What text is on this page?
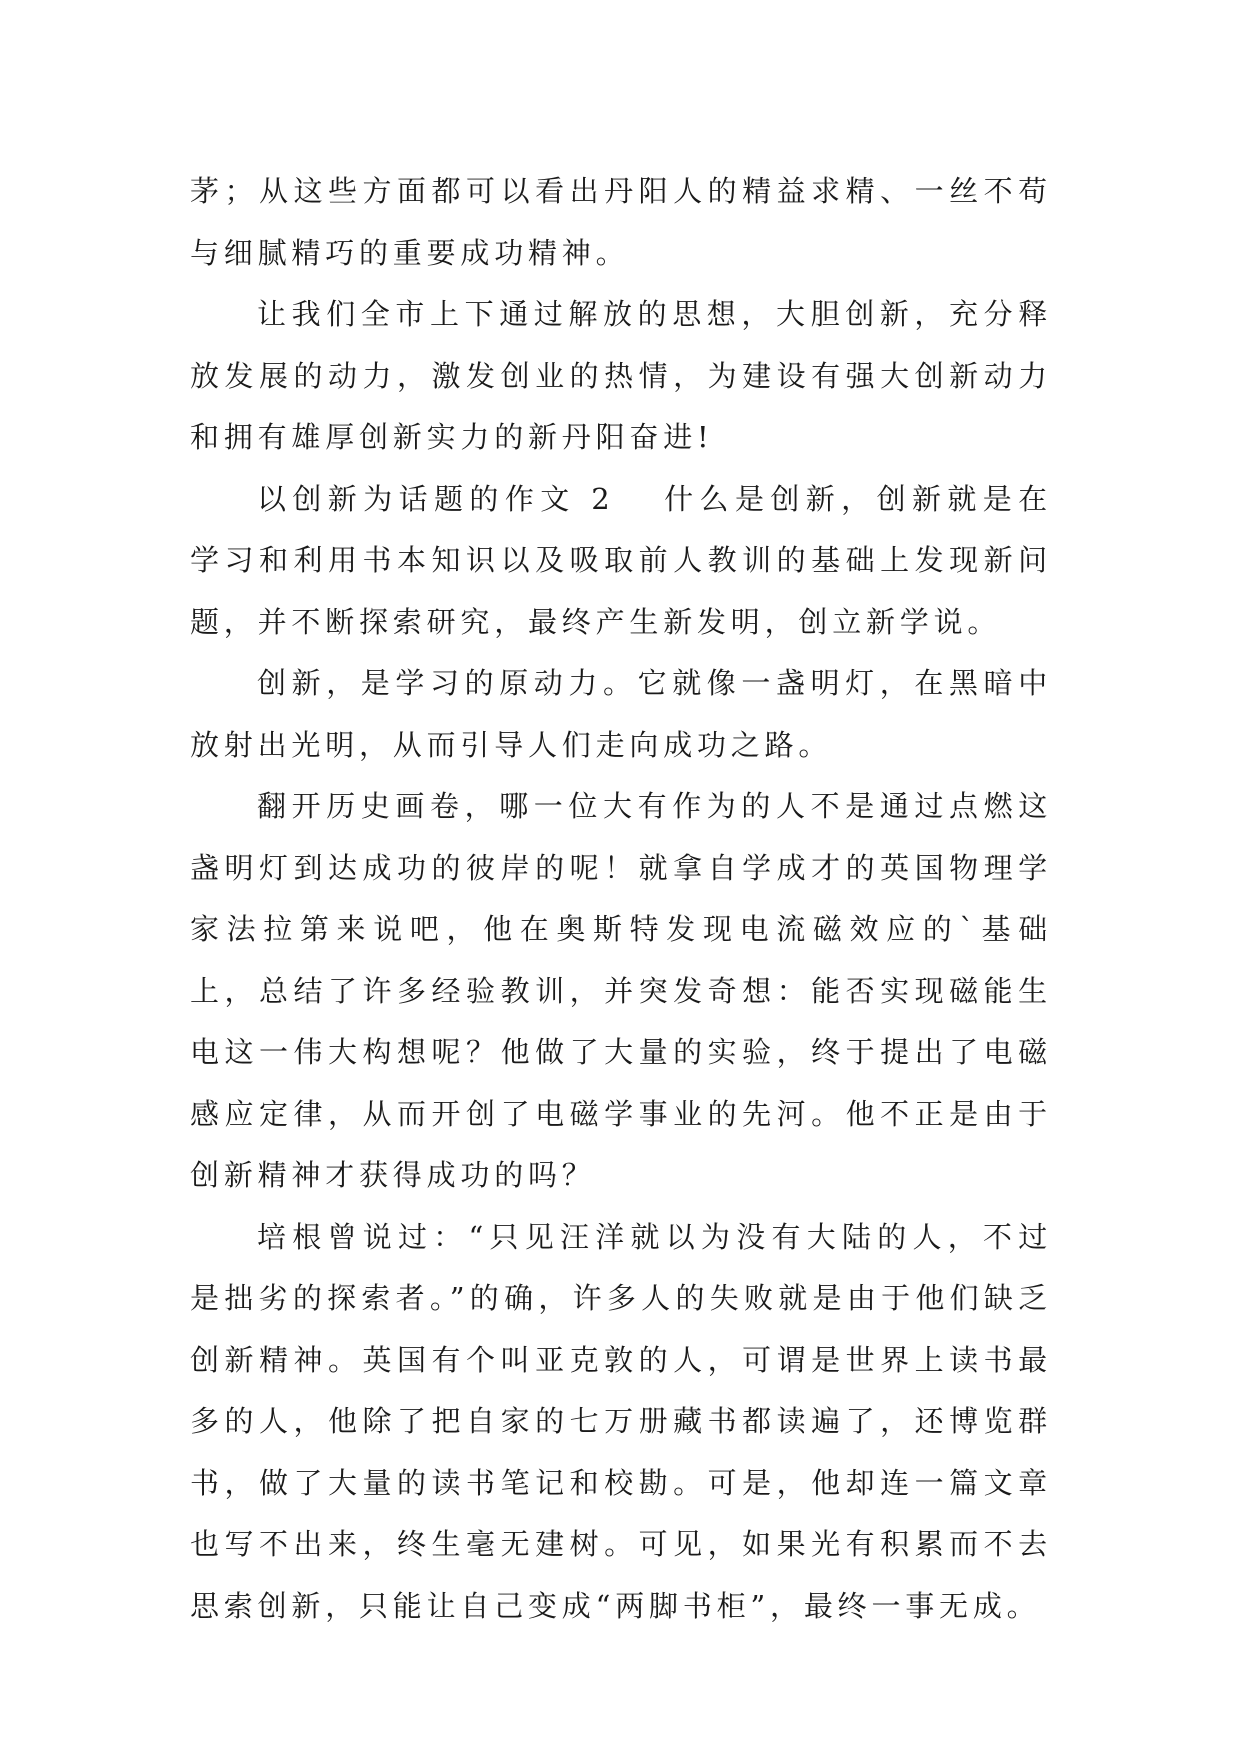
茅；从这些方面都可以看出丹阳人的精益求精、一丝不苟与细腻精巧的重要成功精神。

让我们全市上下通过解放的思想，大胆创新，充分释放发展的动力，激发创业的热情，为建设有强大创新动力和拥有雄厚创新实力的新丹阳奋进!

以创新为话题的作文 2 什么是创新，创新就是在学习和利用书本知识以及吸取前人教训的基础上发现新问题，并不断探索研究，最终产生新发明，创立新学说。

创新，是学习的原动力。它就像一盏明灯，在黑暗中放射出光明，从而引导人们走向成功之路。

翻开历史画卷，哪一位大有作为的人不是通过点燃这盏明灯到达成功的彼岸的呢！就拿自学成才的英国物理学家法拉第来说吧，他在奥斯特发现电流磁效应的`基础上，总结了许多经验教训，并突发奇想：能否实现磁能生电这一伟大构想呢？他做了大量的实验，终于提出了电磁感应定律，从而开创了电磁学事业的先河。他不正是由于创新精神才获得成功的吗？

培根曾说过：“只见汪洋就以为没有大陆的人，不过是拙劣的探索者。”的确，许多人的失败就是由于他们缺乏创新精神。英国有个叫亚克敦的人，可谓是世界上读书最多的人，他除了把自家的七万册藏书都读遍了，还博览群书，做了大量的读书笔记和校勘。可是，他却连一篇文章也写不出来，终生毫无建树。可见，如果光有积累而不去思索创新，只能让自己变成“两脚书柜”，最终一事无成。
